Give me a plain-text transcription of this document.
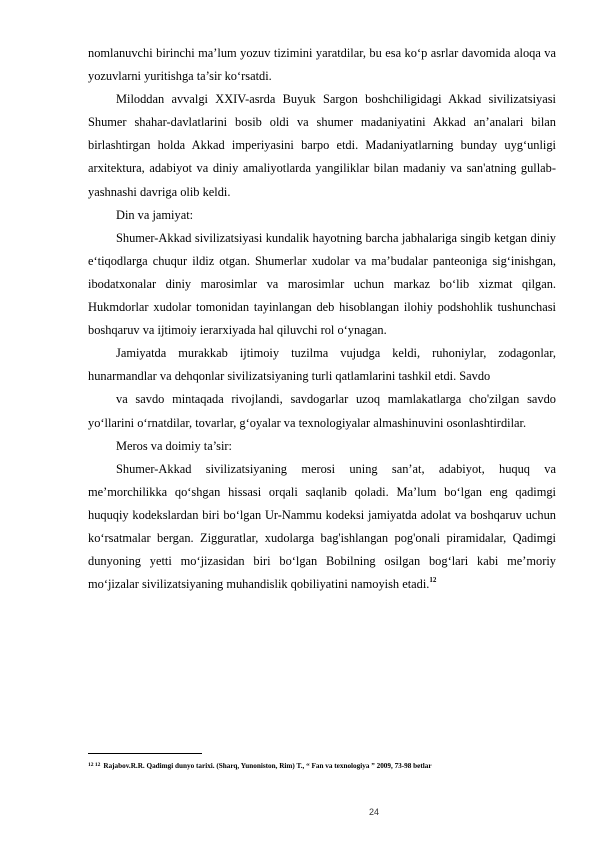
nomlanuvchi birinchi ma’lum yozuv tizimini yaratdilar, bu esa ko‘p asrlar davomida aloqa va yozuvlarni yuritishga ta’sir ko‘rsatdi.

Miloddan avvalgi XXIV-asrda Buyuk Sargon boshchiligidagi Akkad sivilizatsiyasi Shumer shahar-davlatlarini bosib oldi va shumer madaniyatini Akkad an’analari bilan birlashtirgan holda Akkad imperiyasini barpo etdi. Madaniyatlarning bunday uyg‘unligi arxitektura, adabiyot va diniy amaliyotlarda yangiliklar bilan madaniy va san'atning gullab-yashnashi davriga olib keldi.

Din va jamiyat:

Shumer-Akkad sivilizatsiyasi kundalik hayotning barcha jabhalariga singib ketgan diniy e‘tiqodlarga chuqur ildiz otgan. Shumerlar xudolar va ma’budalar panteoniga sig‘inishgan, ibodatxonalar diniy marosimlar va marosimlar uchun markaz bo‘lib xizmat qilgan. Hukmdorlar xudolar tomonidan tayinlangan deb hisoblangan ilohiy podshohlik tushunchasi boshqaruv va ijtimoiy ierarxiyada hal qiluvchi rol o‘ynagan.

Jamiyatda murakkab ijtimoiy tuzilma vujudga keldi, ruhoniylar, zodagonlar, hunarmandlar va dehqonlar sivilizatsiyaning turli qatlamlarini tashkil etdi. Savdo

va savdo mintaqada rivojlandi, savdogarlar uzoq mamlakatlarga cho'zilgan savdo yo‘llarini o‘rnatdilar, tovarlar, g‘oyalar va texnologiyalar almashinuvini osonlashtirdilar.

Meros va doimiy ta’sir:

Shumer-Akkad sivilizatsiyaning merosi uning san’at, adabiyot, huquq va me’morchilikka qo‘shgan hissasi orqali saqlanib qoladi. Ma’lum bo‘lgan eng qadimgi huquqiy kodekslardan biri bo‘lgan Ur-Nammu kodeksi jamiyatda adolat va boshqaruv uchun ko‘rsatmalar bergan. Zigguratlar, xudolarga bag'ishlangan pog'onali piramidalar, Qadimgi dunyoning yetti mo‘jizasidan biri bo‘lgan Bobilning osilgan bog‘lari kabi me’moriy mo‘jizalar sivilizatsiyaning muhandislik qobiliyatini namoyish etadi.$^{12}$

$^{12 12}$ Rajabov.R.R. Qadimgi dunyo tarixi. (Sharq, Yunoniston, Rim) T., “ Fan va texnologiya ” 2009, 73-98 betlar
24
